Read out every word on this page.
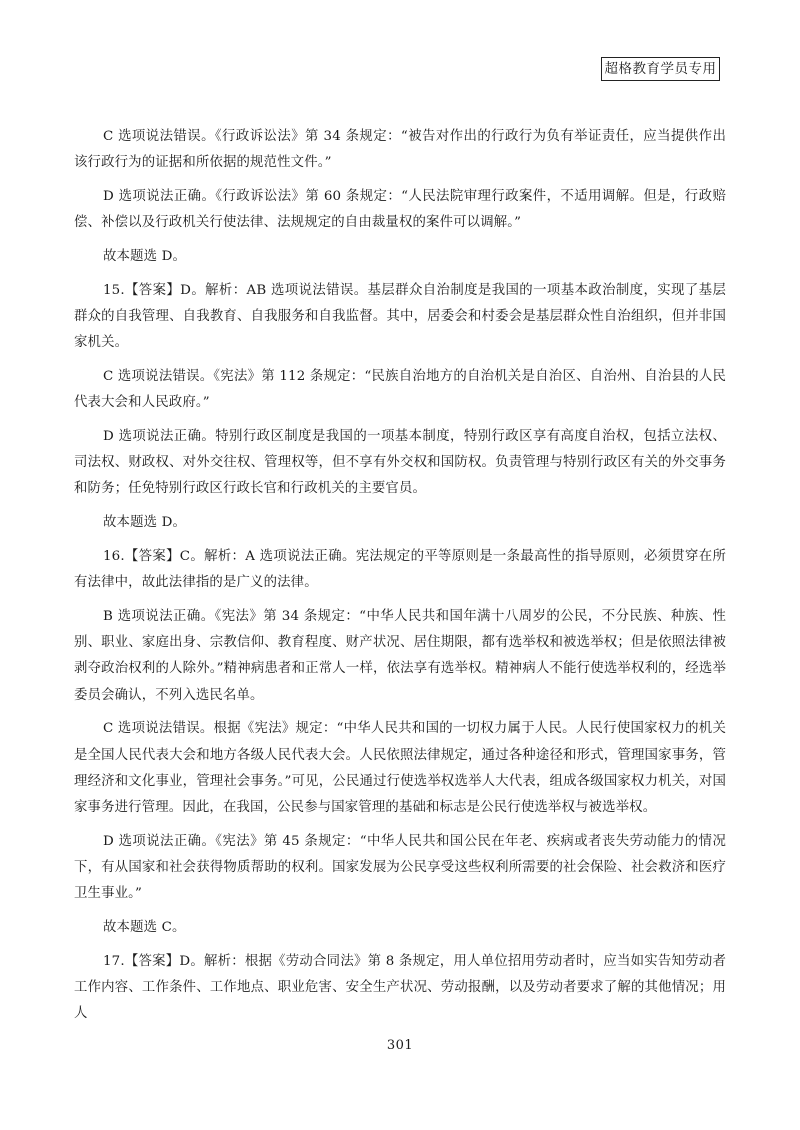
超格教育学员专用

C 选项说法错误。《行政诉讼法》第 34 条规定：“被告对作出的行政行为负有举证责任，应当提供作出该行政行为的证据和所依据的规范性文件。”

D 选项说法正确。《行政诉讼法》第 60 条规定：“人民法院审理行政案件，不适用调解。但是，行政赔偿、补偿以及行政机关行使法律、法规规定的自由裁量权的案件可以调解。”

故本题选 D。

15.【答案】D。解析：AB 选项说法错误。基层群众自治制度是我国的一项基本政治制度，实现了基层群众的自我管理、自我教育、自我服务和自我监督。其中，居委会和村委会是基层群众性自治组织，但并非国家机关。

C 选项说法错误。《宪法》第 112 条规定：“民族自治地方的自治机关是自治区、自治州、自治县的人民代表大会和人民政府。”

D 选项说法正确。特别行政区制度是我国的一项基本制度，特别行政区享有高度自治权，包括立法权、司法权、财政权、对外交往权、管理权等，但不享有外交权和国防权。负责管理与特别行政区有关的外交事务和防务；任免特别行政区行政长官和行政机关的主要官员。

故本题选 D。

16.【答案】C。解析：A 选项说法正确。宪法规定的平等原则是一条最高性的指导原则，必须贯穿在所有法律中，故此法律指的是广义的法律。

B 选项说法正确。《宪法》第 34 条规定：“中华人民共和国年满十八周岁的公民，不分民族、种族、性别、职业、家庭出身、宗教信仰、教育程度、财产状况、居住期限，都有选举权和被选举权；但是依照法律被剥夺政治权利的人除外。”精神病患者和正常人一样，依法享有选举权。精神病人不能行使选举权利的，经选举委员会确认，不列入选民名单。

C 选项说法错误。根据《宪法》规定：“中华人民共和国的一切权力属于人民。人民行使国家权力的机关是全国人民代表大会和地方各级人民代表大会。人民依照法律规定，通过各种途径和形式，管理国家事务，管理经济和文化事业，管理社会事务。”可见，公民通过行使选举权选举人大代表，组成各级国家权力机关，对国家事务进行管理。因此，在我国，公民参与国家管理的基础和标志是公民行使选举权与被选举权。

D 选项说法正确。《宪法》第 45 条规定：“中华人民共和国公民在年老、疾病或者丧失劳动能力的情况下，有从国家和社会获得物质帮助的权利。国家发展为公民享受这些权利所需要的社会保险、社会救济和医疗卫生事业。”

故本题选 C。

17.【答案】D。解析：根据《劳动合同法》第 8 条规定，用人单位招用劳动者时，应当如实告知劳动者工作内容、工作条件、工作地点、职业危害、安全生产状况、劳动报酬，以及劳动者要求了解的其他情况；用人

301
